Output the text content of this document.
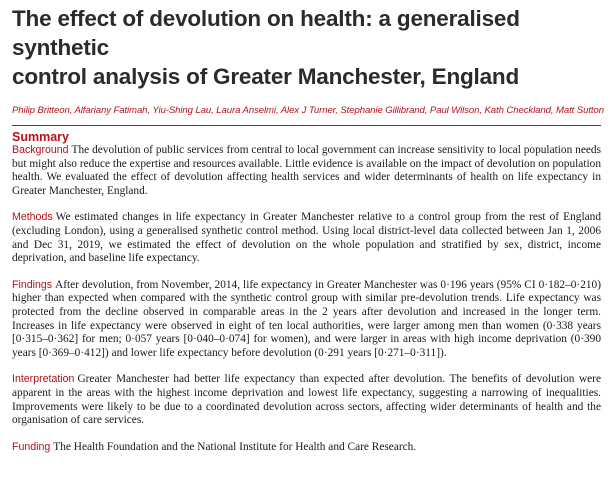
The effect of devolution on health: a generalised synthetic
control analysis of Greater Manchester, England
Philip Britteon, Alfariany Fatimah, Yiu-Shing Lau, Laura Anselmi, Alex J Turner, Stephanie Gillibrand, Paul Wilson, Kath Checkland, Matt Sutton
Summary

Background The devolution of public services from central to local government can increase sensitivity to local population needs but might also reduce the expertise and resources available. Little evidence is available on the impact of devolution on population health. We evaluated the effect of devolution affecting health services and wider determinants of health on life expectancy in Greater Manchester, England.

Methods We estimated changes in life expectancy in Greater Manchester relative to a control group from the rest of England (excluding London), using a generalised synthetic control method. Using local district-level data collected between Jan 1, 2006 and Dec 31, 2019, we estimated the effect of devolution on the whole population and stratified by sex, district, income deprivation, and baseline life expectancy.

Findings After devolution, from November, 2014, life expectancy in Greater Manchester was 0·196 years (95% CI 0·182–0·210) higher than expected when compared with the synthetic control group with similar pre-devolution trends. Life expectancy was protected from the decline observed in comparable areas in the 2 years after devolution and increased in the longer term. Increases in life expectancy were observed in eight of ten local authorities, were larger among men than women (0·338 years [0·315–0·362] for men; 0·057 years [0·040–0·074] for women), and were larger in areas with high income deprivation (0·390 years [0·369–0·412]) and lower life expectancy before devolution (0·291 years [0·271–0·311]).

Interpretation Greater Manchester had better life expectancy than expected after devolution. The benefits of devolution were apparent in the areas with the highest income deprivation and lowest life expectancy, suggesting a narrowing of inequalities. Improvements were likely to be due to a coordinated devolution across sectors, affecting wider determinants of health and the organisation of care services.

Funding The Health Foundation and the National Institute for Health and Care Research.
